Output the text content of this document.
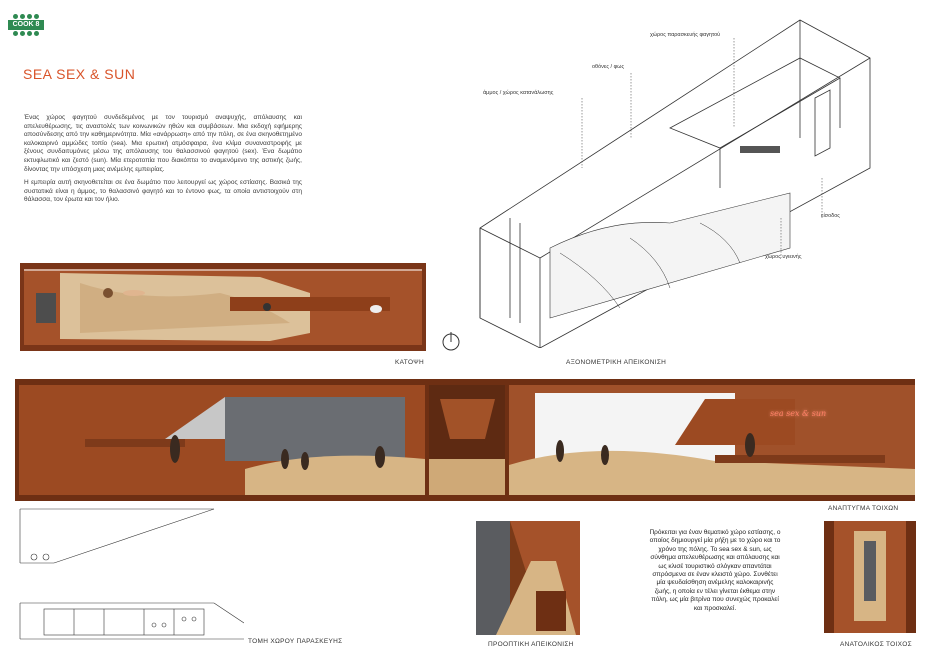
COOK 8
SEA SEX & SUN

Ένας χώρος φαγητού συνδεδεμένος με τον τουρισμό αναψυχής, απόλαυσης και απελευθέρωσης, τις αναστολές των κοινωνικών ηθών και συμβάσεων. Μια εκδοχή εφήμερης αποσύνδεσης από την καθημερινότητα. Μία «ανάρρωση» από την πόλη, σε ένα σκηνοθετημένο καλοκαιρινό αμμώδες τοπίο (sea). Μια ερωτική ατμόσφαιρα, ένα κλίμα συναναστροφής με ξένους συνδαιτυμόνες μέσω της απόλαυσης του θαλασσινού φαγητού (sex). Ένα δωμάτιο εκτυφλωτικό και ζεστό (sun). Μία ετεροτοπία που διακόπτει το αναμενόμενο της αστικής ζωής, δίνοντας την υπόσχεση μιας ανέμελης εμπειρίας.

Η εμπειρία αυτή σκηνοθετείται σε ένα δωμάτιο που λειτουργεί ως χώρος εστίασης. Βασικά της συστατικά είναι η άμμος, το θαλασσινό φαγητό και το έντονο φως, τα οποία αντιστοιχούν στη θάλασσα, τον έρωτα και τον ήλιο.

ΚΑΤΟΨΗ
χώρος παρασκευής φαγητού
οθόνες / φως
άμμος / χώρος κατανάλωσης
είσοδος
χώρος υγιεινής
ΑΞΟΝΟΜΕΤΡΙΚΗ ΑΠΕΙΚΟΝΙΣΗ
sea sex & sun
ΑΝΑΠΤΥΓΜΑ ΤΟΙΧΩΝ
ΤΟΜΗ ΧΩΡΟΥ ΠΑΡΑΣΚΕΥΗΣ	ΠΡΟΟΠΤΙΚΗ ΑΠΕΙΚΟΝΙΣΗ
Πρόκειται για έναν θεματικό χώρο εστίασης, ο οποίος δημιουργεί μία ρήξη με το χώρο και το χρόνο της πόλης. Το sea sex & sun, ως σύνθημα απελευθέρωσης και απόλαυσης και ως κλισέ τουριστικό σλόγκαν απαντάται σπρόσμενα σε έναν κλειστό χώρο. Συνθέτει μία ψευδαίσθηση ανέμελης καλοκαιρινής ζωής, η οποία εν τέλει γίνεται έκθεμα στην πόλη, ως μία βιτρίνα που συνεχώς προκαλεί και προσκαλεί.
ΑΝΑΤΟΛΙΚΟΣ ΤΟΙΧΟΣ
